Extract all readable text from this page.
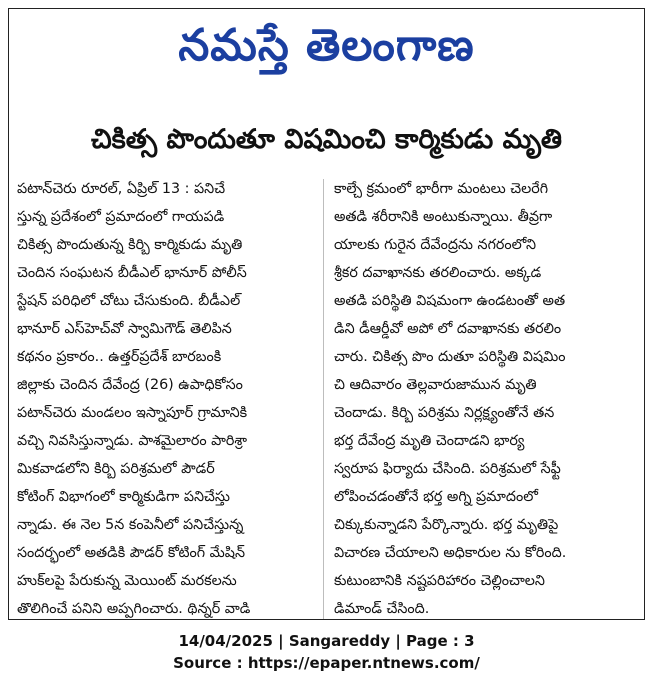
నమస్తే తెలంగాణ
చికిత్స పొందుతూ విషమించి కార్మికుడు మృతి
పటాన్‌చెరు రూరల్, ఏప్రిల్ 13 : పనిచే
స్తున్న ప్రదేశంలో ప్రమాదంలో గాయపడి
చికిత్స పొందుతున్న కిర్బి కార్మికుడు మృతి
చెందిన సంఘటన బీడీఎల్ భానూర్ పోలీస్
స్టేషన్ పరిధిలో చోటు చేసుకుంది. బీడీఎల్
భానూర్ ఎస్‌హెచ్‌వో స్వామిగౌడ్ తెలిపిన
కథనం ప్రకారం.. ఉత్తర్‌ప్రదేశ్ బారబంకి
జిల్లాకు చెందిన దేవేంద్ర (26) ఉపాధికోసం
పటాన్‌చెరు మండలం ఇస్నాపూర్ గ్రామానికి
వచ్చి నివసిస్తున్నాడు. పాశమైలారం పారిశ్రా
మికవాడలోని కిర్బి పరిశ్రమలో పౌడర్
కోటింగ్ విభాగంలో కార్మికుడిగా పనిచేస్తు
న్నాడు. ఈ నెల 5న కంపెనీలో పనిచేస్తున్న
సందర్భంలో అతడికి పౌడర్ కోటింగ్ మేషిన్
హుక్‌లపై పేరుకున్న మెయింట్ మరకలను
తొలిగించే పనిని అప్పగించారు. థిన్నర్ వాడి
కాల్చే క్రమంలో భారీగా మంటలు చెలరేగి
అతడి శరీరానికి అంటుకున్నాయి. తీవ్రగా
యాలకు గురైన దేవేంద్రను నగరంలోని
శ్రీకర దవాఖానకు తరలించారు. అక్కడ
అతడి పరిస్థితి విషమంగా ఉండటంతో అత
డిని డీఆర్డీవో అపో లో దవాఖానకు తరలిం
చారు. చికిత్స పొం దుతూ పరిస్థితి విషమిం
చి ఆదివారం తెల్లవారుజామున మృతి
చెందాడు. కిర్బి పరిశ్రమ నిర్లక్ష్యంతోనే తన
భర్త దేవేంద్ర మృతి చెందాడని భార్య
స్వరూప ఫిర్యాదు చేసింది. పరిశ్రమలో సేఫ్టీ
లోపించడంతోనే భర్త అగ్ని ప్రమాదంలో
చిక్కుకున్నాడని పేర్కొన్నారు. భర్త మృతిపై
విచారణ చేయాలని అధికారుల ను కోరింది.
కుటుంబానికి నష్టపరిహారం చెల్లించాలని
డిమాండ్ చేసింది.
14/04/2025 | Sangareddy | Page : 3
Source : https://epaper.ntnews.com/
